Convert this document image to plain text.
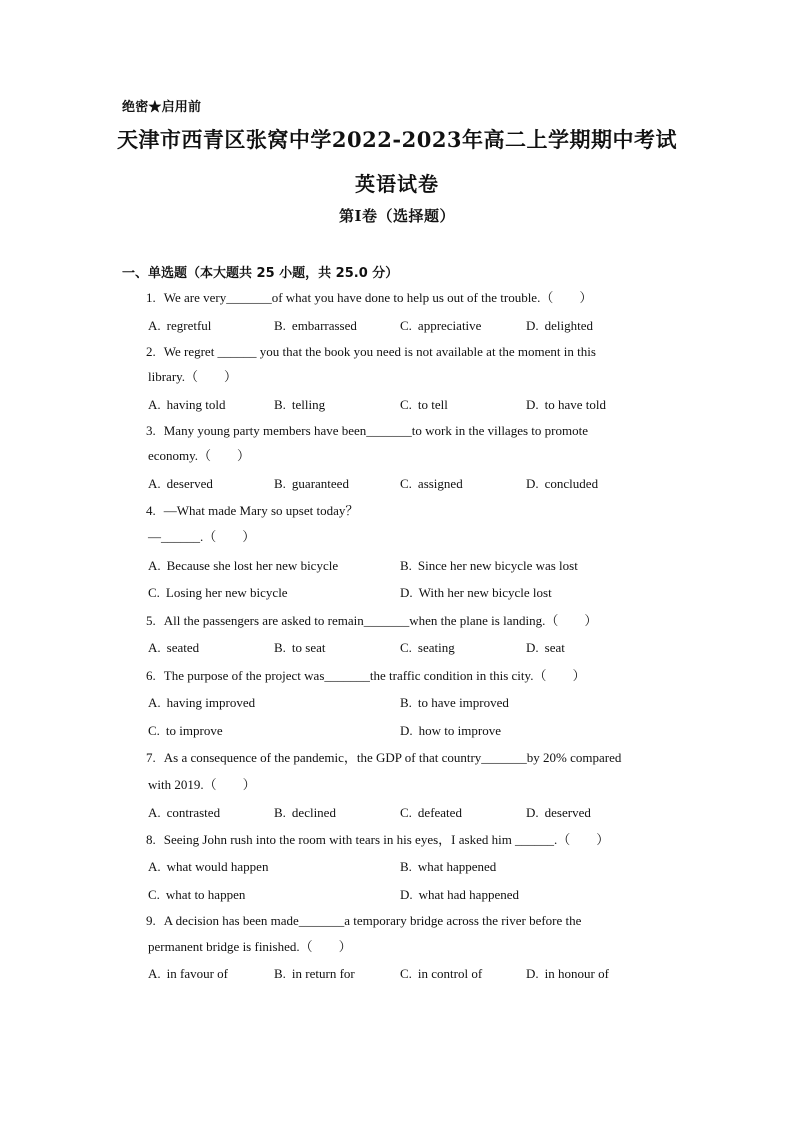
绝密★启用前
天津市西青区张窝中学2022-2023年高二上学期期中考试
英语试卷
第I卷（选择题）
一、单选题（本大题共 25 小题，共 25.0 分）
1. We are very_______of what you have done to help us out of the trouble.（　　）
A. regretful	B. embarrassed	C. appreciative	D. delighted
2. We regret ______ you that the book you need is not available at the moment in this
library.（　　）
A. having told	B. telling	C. to tell	D. to have told
3. Many young party members have been_______to work in the villages to promote
economy.（　　）
A. deserved	B. guaranteed	C. assigned	D. concluded
4. —What made Mary so upset today？
—______.（　　）
A. Because she lost her new bicycle	B. Since her new bicycle was lost
C. Losing her new bicycle	D. With her new bicycle lost
5. All the passengers are asked to remain_______when the plane is landing.（　　）
A. seated	B. to seat	C. seating	D. seat
6. The purpose of the project was_______the traffic condition in this city.（　　）
A. having improved	B. to have improved
C. to improve	D. how to improve
7. As a consequence of the pandemic，the GDP of that country_______by 20% compared
with 2019.（　　）
A. contrasted	B. declined	C. defeated	D. deserved
8. Seeing John rush into the room with tears in his eyes，I asked him ______.（　　）
A. what would happen	B. what happened
C. what to happen	D. what had happened
9. A decision has been made_______a temporary bridge across the river before the
permanent bridge is finished.（　　）
A. in favour of	B. in return for	C. in control of	D. in honour of
